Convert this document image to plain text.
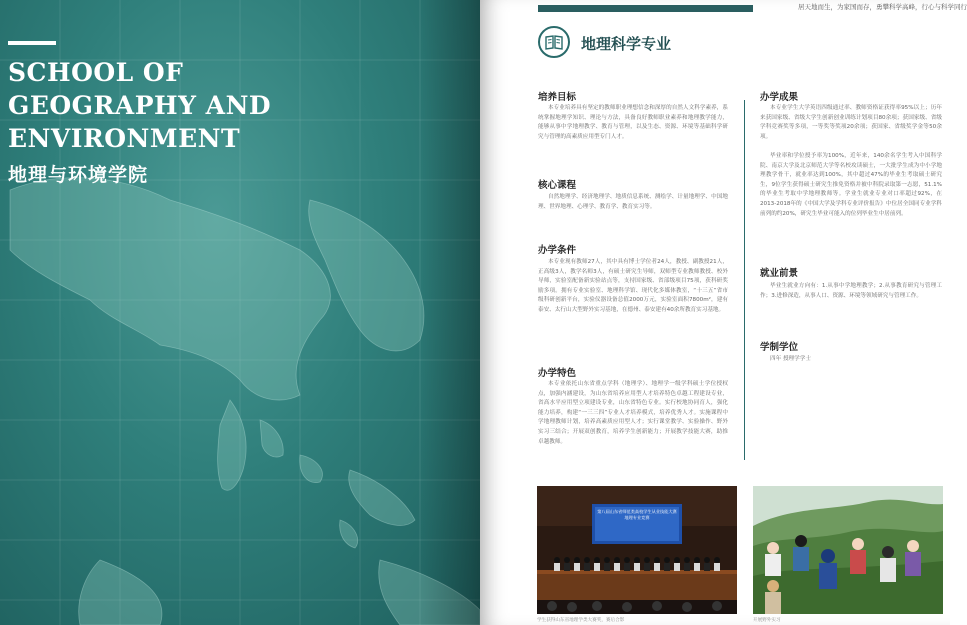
SCHOOL OF
GEOGRAPHY AND
ENVIRONMENT
地理与环境学院
居天地而生，为家国而存，勇攀科学高峰，行心与科学同行
地理科学专业
培养目标
本专业培养具有坚定的教师职业理想信念和深厚的自然人文科学素养，系统掌握地理学知识、理论与方法，具备良好教师职业素养和地理教学能力，能够从事中学地理教学、教育与管理，以及生态、资源、环境等基础科学研究与管理的高素质应用型专门人才。
核心课程
自然地理学、经济地理学、地质信息系统、测绘学、计量地理学、中国地理、世界地理、心理学、教育学、教育实习等。
办学条件
本专业现有教师27人，其中具有博士学位者24人，教授、副教授21人，正高级3人，教学名师3人，有硕士研究生导师，双师型专业教师教授、校外导师，实验室配备新实验站点等，支持国家级、省部级项目75项，获科研奖励多项。拥有专业实验室、地理科学馆、现代化多媒体教室，“十三五”省市级科研创新平台，实验仪器设备总值2000万元，实验室面积7800m²，建有泰安、太行山大型野外实习基地，在德州、泰安建有40余所教育实习基地。
办学特色
本专业依托山东省重点学科（地理学）、地理学一级学科硕士学位授权点，加强内涵建设，为山东省培养应用型人才培养特色卓越工程建设专业，省高水平应用型立项建设专业，山东省特色专业。实行校地协同育人，强化能力培养，构建“一三三四”专业人才培养模式，培养优秀人才。实施课程中学地理教师计划，培养高素质应用型人才；实行课堂教学、实验操作、野外实习三结合；开展双创教育，培养学生创新能力；开展教学技能大赛，助推卓越教师。
办学成果
本专业学生大学英语四级通过率、教师资格证获得率95%以上；历年来获国家级、省级大学生创新创业训练计划项目80余项；获国家级、省级学科竞赛奖等多项，一等奖等奖项20余项；获国家、省级奖学金等50余项。
毕业率和学位授予率为100%，近年来，140余名学生考入中国科学院、南京大学及北京师范大学等名校攻读硕士，一大批学生成为中小学地理教学骨干，就业率达到100%，其中超过47%的毕业生考取硕士研究生，9位学生获得硕士研究生推免资格并被中科院录取第一志愿，51.1%的毕业生考取中学地理教师等。学业生就业专业对口率超过92%，在2013-2018年的《中国大学及学科专业评价报告》中位居全国同专业学科前列的约20%，研究生毕业可能入的位列毕业生中居前列。
就业前景
毕业生就业方向有：1.从事中学地理教学；2.从事教育研究与管理工作；3.进修深造，从事人口、资源、环境等领域研究与管理工作。
学制学位
四年 授理学学士
第八届山东省师范类高校学生从业技能大赛地理专业竞赛
学生获得山东省地理学类大赛奖，赛后合影	开展野外实习
